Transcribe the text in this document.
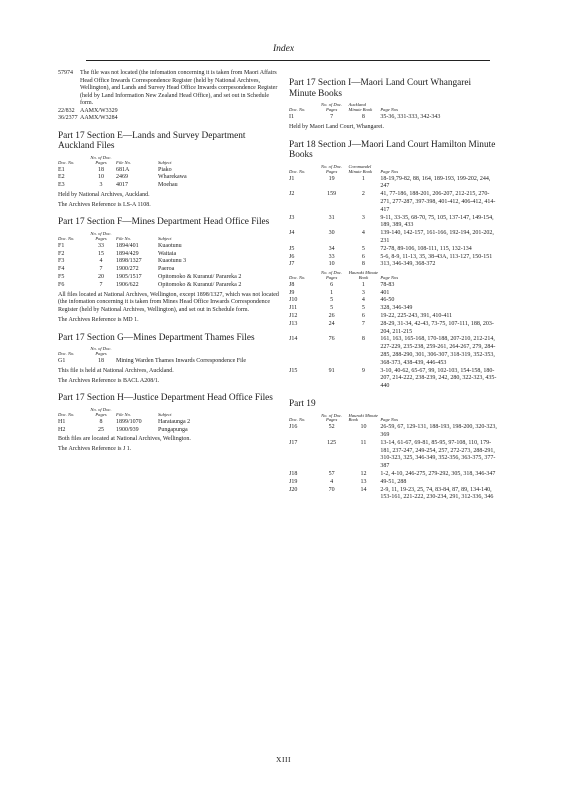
Index
57974	The file was not located (the infomation concerning it is taken from Maori Affairs Head Office Inwards Correspondence Register (held by National Archives, Wellington), and Lands and Survey Head Office Inwards corrpesondence Register (held by Land Information New Zealand Head Office), and set out in Schedule form.
22/832 AAMX/W3329
36/2377 AAMX/W3284
Part 17 Section E—Lands and Survey Department Auckland Files
Doc. No.	No. of Doc. Pages	File No.	Subject
E1	18	681A	Piako
E2	10	2469	Wharekawa
E3	3	4017	Moehau

Held by National Archives, Auckland.

The Archives Reference is LS-A 1108.

Part 17 Section F—Mines Department Head Office Files
Doc. No.	No. of Doc. Pages	File No.	Subject
F1	33	1894/401	Kuaotunu
F2	15	1894/429	Waitaia
F3	4	1898/1327	Kuaotunu 3
F4	7	1900/272	Paeroa
F5	20	1905/1517	Opitomoko & Kuranui/ Parareka 2
F6	7	1906/622	Opitomoko & Kuranui/ Parareka 2

All files located at National Archives, Wellington, except 1898/1327, which was not located (the infomation concerning it is taken from Mines Head Office Inwards Correspondence Register (held by National Archives, Wellington), and set out in Schedule form.

The Archives Reference is MD 1.

Part 17 Section G—Mines Department Thames Files
Doc. No.	No. of Doc. Pages		
G1	18	Mining Warden Thames Inwards Correspondence File	

This file is held at National Archives, Auckland.

The Archives Reference is BACL A208/1.

Part 17 Section H—Justice Department Head Office Files
Doc. No.	No. of Doc. Pages	File No.	Subject
H1	8	1899/1070	Harataunga 2
H2	25	1900/939	Pungapunga

Both files are located at National Archives, Wellington.

The Archives Reference is J 1.

Part 17 Section I—Maori Land Court Whangarei Minute Books
Doc. No.	No. of Doc. Pages	Auckland Minute Book	Page Nos
I1	7	8	35-36, 331-333, 342-343

Held by Maori Land Court, Whangarei.

Part 18 Section J—Maori Land Court Hamilton Minute Books
Doc. No.	No. of Doc. Pages	Coromandel Minute Book	Page Nos
J1	19	1	18-19,79-82, 88, 164, 189-193, 199-202, 244, 247
J2	159	2	41, 77-186, 188-201, 206-207, 212-215, 270-271, 277-287, 397-398, 401-412, 406-412, 414-417
J3	31	3	9-11, 33-35, 68-70, 75, 105, 137-147, 149-154, 189, 389, 433
J4	30	4	139-140, 142-157, 161-166, 192-194, 201-202, 231
J5	34	5	72-78, 89-106, 108-111, 115, 132-134
J6	33	6	5-6, 8-9, 11-13, 35, 38-43A, 113-127, 150-151
J7	10	8	313, 346-349, 368-372
Doc. No.	No. of Doc. Pages	Hauraki Minute Book	Page Nos
J8	6	1	78-83
J9	1	3	401
J10	5	4	46-50
J11	5	5	328, 346-349
J12	26	6	19-22, 225-243, 391, 410-411
J13	24	7	28-29, 31-34, 42-43, 73-75, 107-111, 188, 203-204, 211-215
J14	76	8	161, 163, 165-168, 170-188, 207-210, 212-214, 227-229, 235-238, 259-261, 264-267, 279, 284-285, 288-290, 301, 306-307, 318-319, 352-353, 368-373, 438-439, 446-453
J15	91	9	3-10, 40-62, 65-67, 99, 102-103, 154-158, 180-207, 214-222, 238-239, 242, 280, 322-323, 435-440
Part 19
Doc. No.	No. of Doc. Pages	Hauraki Minute Book	Page Nos
J16	52	10	26-59, 67, 129-131, 188-193, 198-200, 320-323, 369
J17	125	11	13-14, 61-67, 69-81, 85-95, 97-108, 110, 179-181, 237-247, 249-254, 257, 272-273, 288-291, 310-323, 325, 346-349, 352-356, 363-375, 377-387
J18	57	12	1-2, 4-10, 246-275, 279-292, 305, 318, 346-347
J19	4	13	49-51, 288
J20	70	14	2-9, 11, 19-23, 25, 74, 83-84, 87, 89, 134-140, 153-161, 221-222, 230-234, 291, 312-336, 346
XIII
